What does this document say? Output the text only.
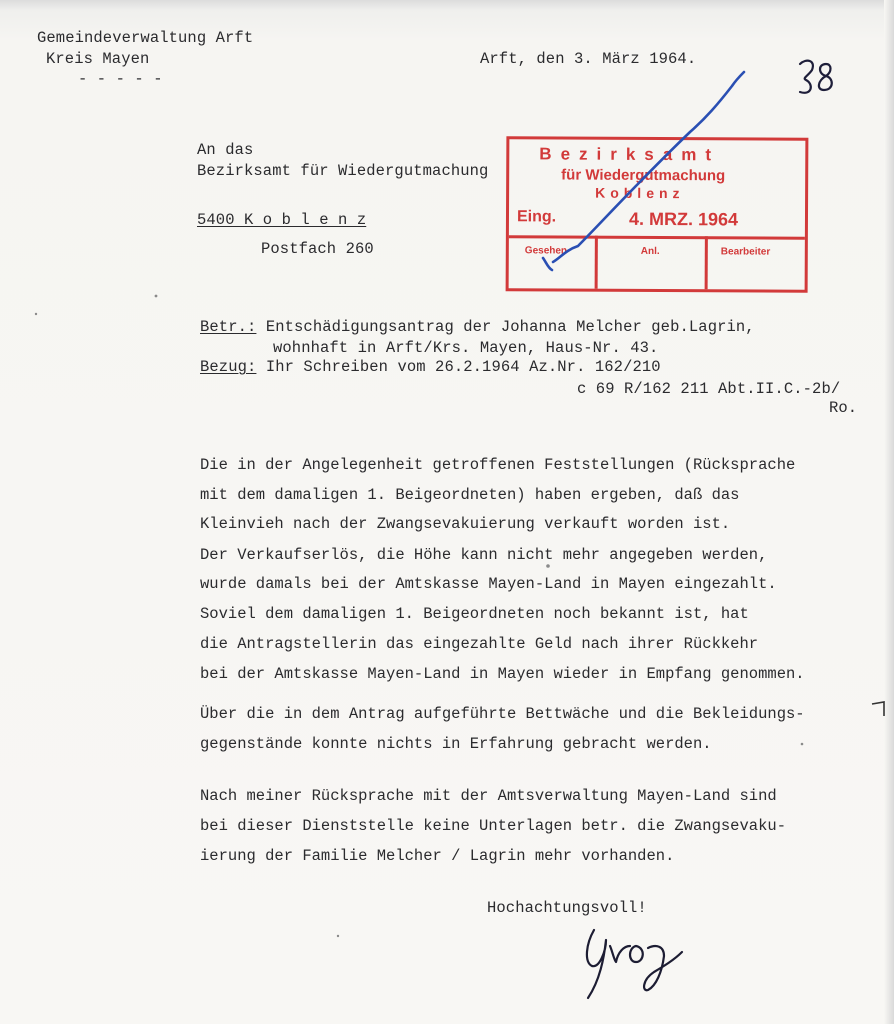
Gemeindeverwaltung Arft
Kreis Mayen
- - - - -
Arft, den 3. März 1964.
An das
Bezirksamt für Wiedergutmachung
5400 K o b l e n z
Postfach 260
Bezirksamt
für Wiedergutmachung
Koblenz
Eing.	4. MRZ. 1964
Gesehen	Anl.	Bearbeiter
Betr.: Entschädigungsantrag der Johanna Melcher geb.Lagrin,
wohnhaft in Arft/Krs. Mayen, Haus-Nr. 43.
Bezug: Ihr Schreiben vom 26.2.1964 Az.Nr. 162/210
c 69 R/162 211 Abt.II.C.-2b/
Ro.
Die in der Angelegenheit getroffenen Feststellungen (Rücksprache
mit dem damaligen 1. Beigeordneten) haben ergeben, daß das
Kleinvieh nach der Zwangsevakuierung verkauft worden ist.
Der Verkaufserlös, die Höhe kann nicht mehr angegeben werden,
wurde damals bei der Amtskasse Mayen-Land in Mayen eingezahlt.
Soviel dem damaligen 1. Beigeordneten noch bekannt ist, hat
die Antragstellerin das eingezahlte Geld nach ihrer Rückkehr
bei der Amtskasse Mayen-Land in Mayen wieder in Empfang genommen.
Über die in dem Antrag aufgeführte Bettwäche und die Bekleidungs-
gegenstände konnte nichts in Erfahrung gebracht werden.
Nach meiner Rücksprache mit der Amtsverwaltung Mayen-Land sind
bei dieser Dienststelle keine Unterlagen betr. die Zwangsevaku-
ierung der Familie Melcher / Lagrin mehr vorhanden.
Hochachtungsvoll!
